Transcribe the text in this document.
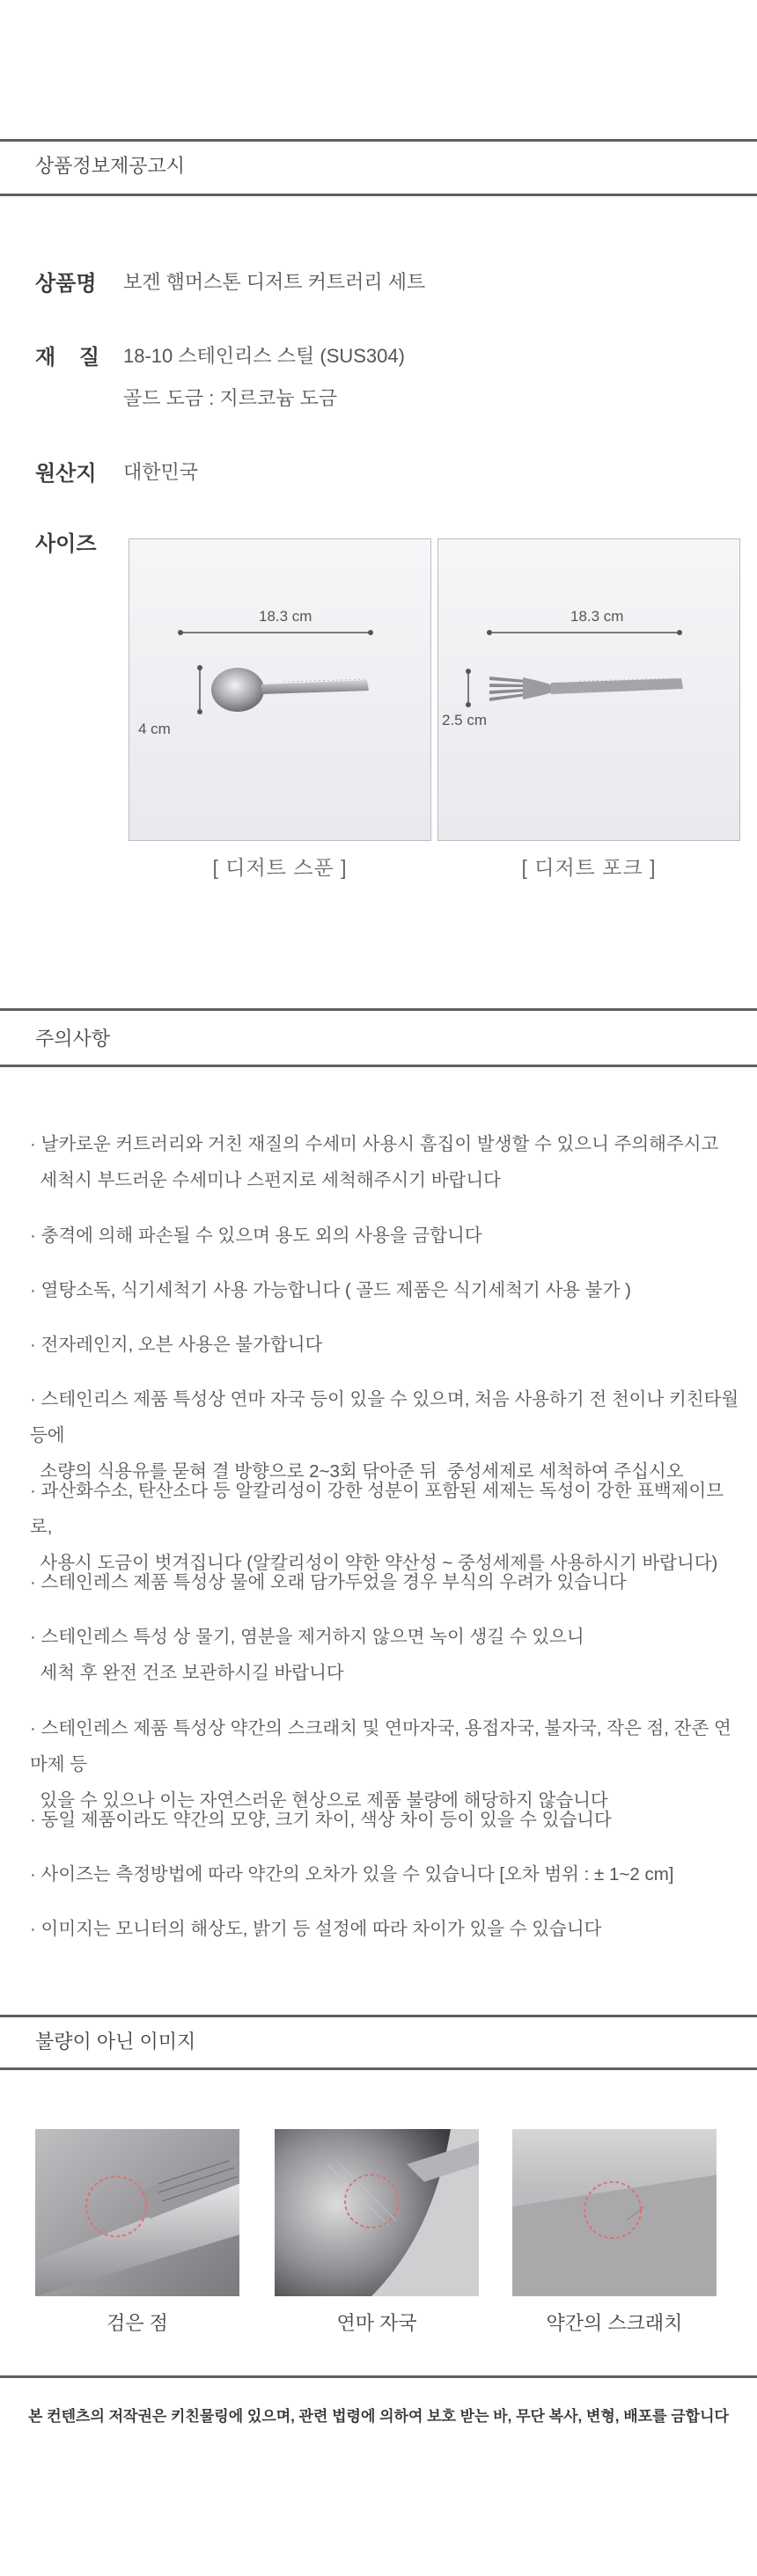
상품정보제공고시
상품명 보겐 햄머스톤 디저트 커트러리 세트
재    질 18-10 스테인리스 스틸 (SUS304)
골드 도금 : 지르코늄 도금
원산지 대한민국
사이즈
18.3 cm
4 cm
[ 디저트 스푼 ]
18.3 cm
2.5 cm
[ 디저트 포크 ]
주의사항
· 날카로운 커트러리와 거친 재질의 수세미 사용시 흠집이 발생할 수 있으니 주의해주시고
세척시 부드러운 수세미나 스펀지로 세척해주시기 바랍니다
· 충격에 의해 파손될 수 있으며 용도 외의 사용을 금합니다
· 열탕소독, 식기세척기 사용 가능합니다 ( 골드 제품은 식기세척기 사용 불가 )
· 전자레인지, 오븐 사용은 불가합니다
· 스테인리스 제품 특성상 연마 자국 등이 있을 수 있으며, 처음 사용하기 전 천이나 키친타월 등에
소량의 식용유를 묻혀 결 방향으로 2~3회 닦아준 뒤  중성세제로 세척하여 주십시오
· 과산화수소, 탄산소다 등 알칼리성이 강한 성분이 포함된 세제는 독성이 강한 표백제이므로,
사용시 도금이 벗겨집니다 (알칼리성이 약한 약산성 ~ 중성세제를 사용하시기 바랍니다)
· 스테인레스 제품 특성상 물에 오래 담가두었을 경우 부식의 우려가 있습니다
· 스테인레스 특성 상 물기, 염분을 제거하지 않으면 녹이 생길 수 있으니
세척 후 완전 건조 보관하시길 바랍니다
· 스테인레스 제품 특성상 약간의 스크래치 및 연마자국, 용접자국, 불자국, 작은 점, 잔존 연마제 등
있을 수 있으나 이는 자연스러운 현상으로 제품 불량에 해당하지 않습니다
· 동일 제품이라도 약간의 모양, 크기 차이, 색상 차이 등이 있을 수 있습니다
· 사이즈는 측정방법에 따라 약간의 오차가 있을 수 있습니다 [오차 범위 : ± 1~2 cm]
· 이미지는 모니터의 해상도, 밝기 등 설정에 따라 차이가 있을 수 있습니다
불량이 아닌 이미지
검은 점	연마 자국	약간의 스크래치
본 컨텐츠의 저작권은 키친물링에 있으며, 관련 법령에 의하여 보호 받는 바, 무단 복사, 변형, 배포를 금합니다
